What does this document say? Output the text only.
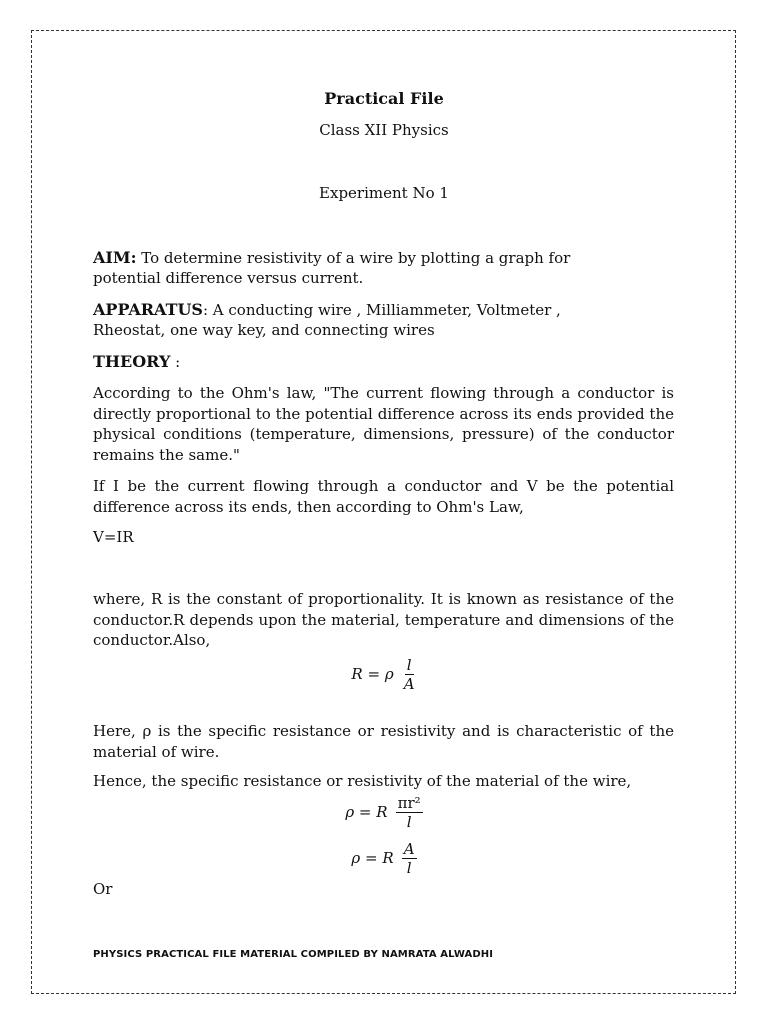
Practical File
Class XII Physics
Experiment No 1
AIM: To determine resistivity of a wire by plotting a graph for
potential difference versus current.
APPARATUS: A conducting wire , Milliammeter, Voltmeter ,
Rheostat, one way key, and connecting wires
THEORY :
According to the Ohm's law, "The current flowing through a conductor is directly proportional to the potential difference across its ends provided the physical conditions (temperature, dimensions, pressure) of the conductor remains the same."
If I be the current flowing through a conductor and V be the potential difference across its ends, then according to Ohm's Law,
V=IR
where, R is the constant of proportionality. It is known as resistance of the conductor.R depends upon the material, temperature and dimensions of the conductor.Also,
R = ρ $\frac{l}{A}$
Here, ρ is the specific resistance or resistivity and is characteristic of the material of wire.
Hence, the specific resistance or resistivity of the material of the wire,
ρ = R $\frac{\text{πr²}}{l}$
ρ = R $\frac{A}{l}$
Or
PHYSICS PRACTICAL FILE MATERIAL COMPILED BY NAMRATA ALWADHI
